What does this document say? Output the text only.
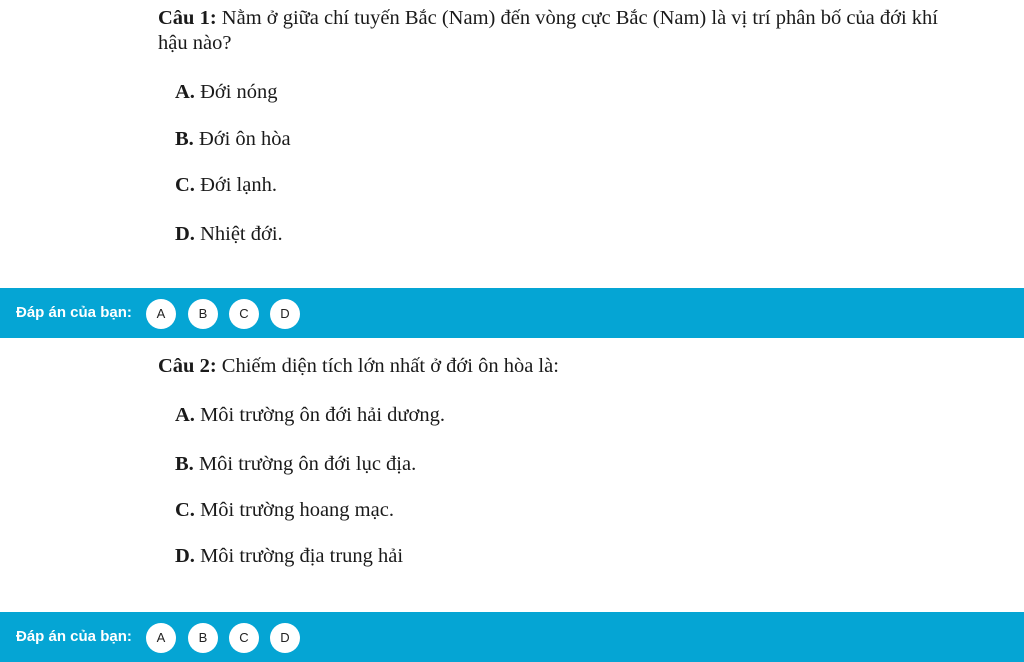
Câu 1: Nằm ở giữa chí tuyến Bắc (Nam) đến vòng cực Bắc (Nam) là vị trí phân bố của đới khí hậu nào?

A. Đới nóng
B. Đới ôn hòa
C. Đới lạnh.
D. Nhiệt đới.
Đáp án của bạn:	A	B	C	D

Câu 2: Chiếm diện tích lớn nhất ở đới ôn hòa là:

A. Môi trường ôn đới hải dương.
B. Môi trường ôn đới lục địa.
C. Môi trường hoang mạc.
D. Môi trường địa trung hải
Đáp án của bạn:	A	B	C	D
